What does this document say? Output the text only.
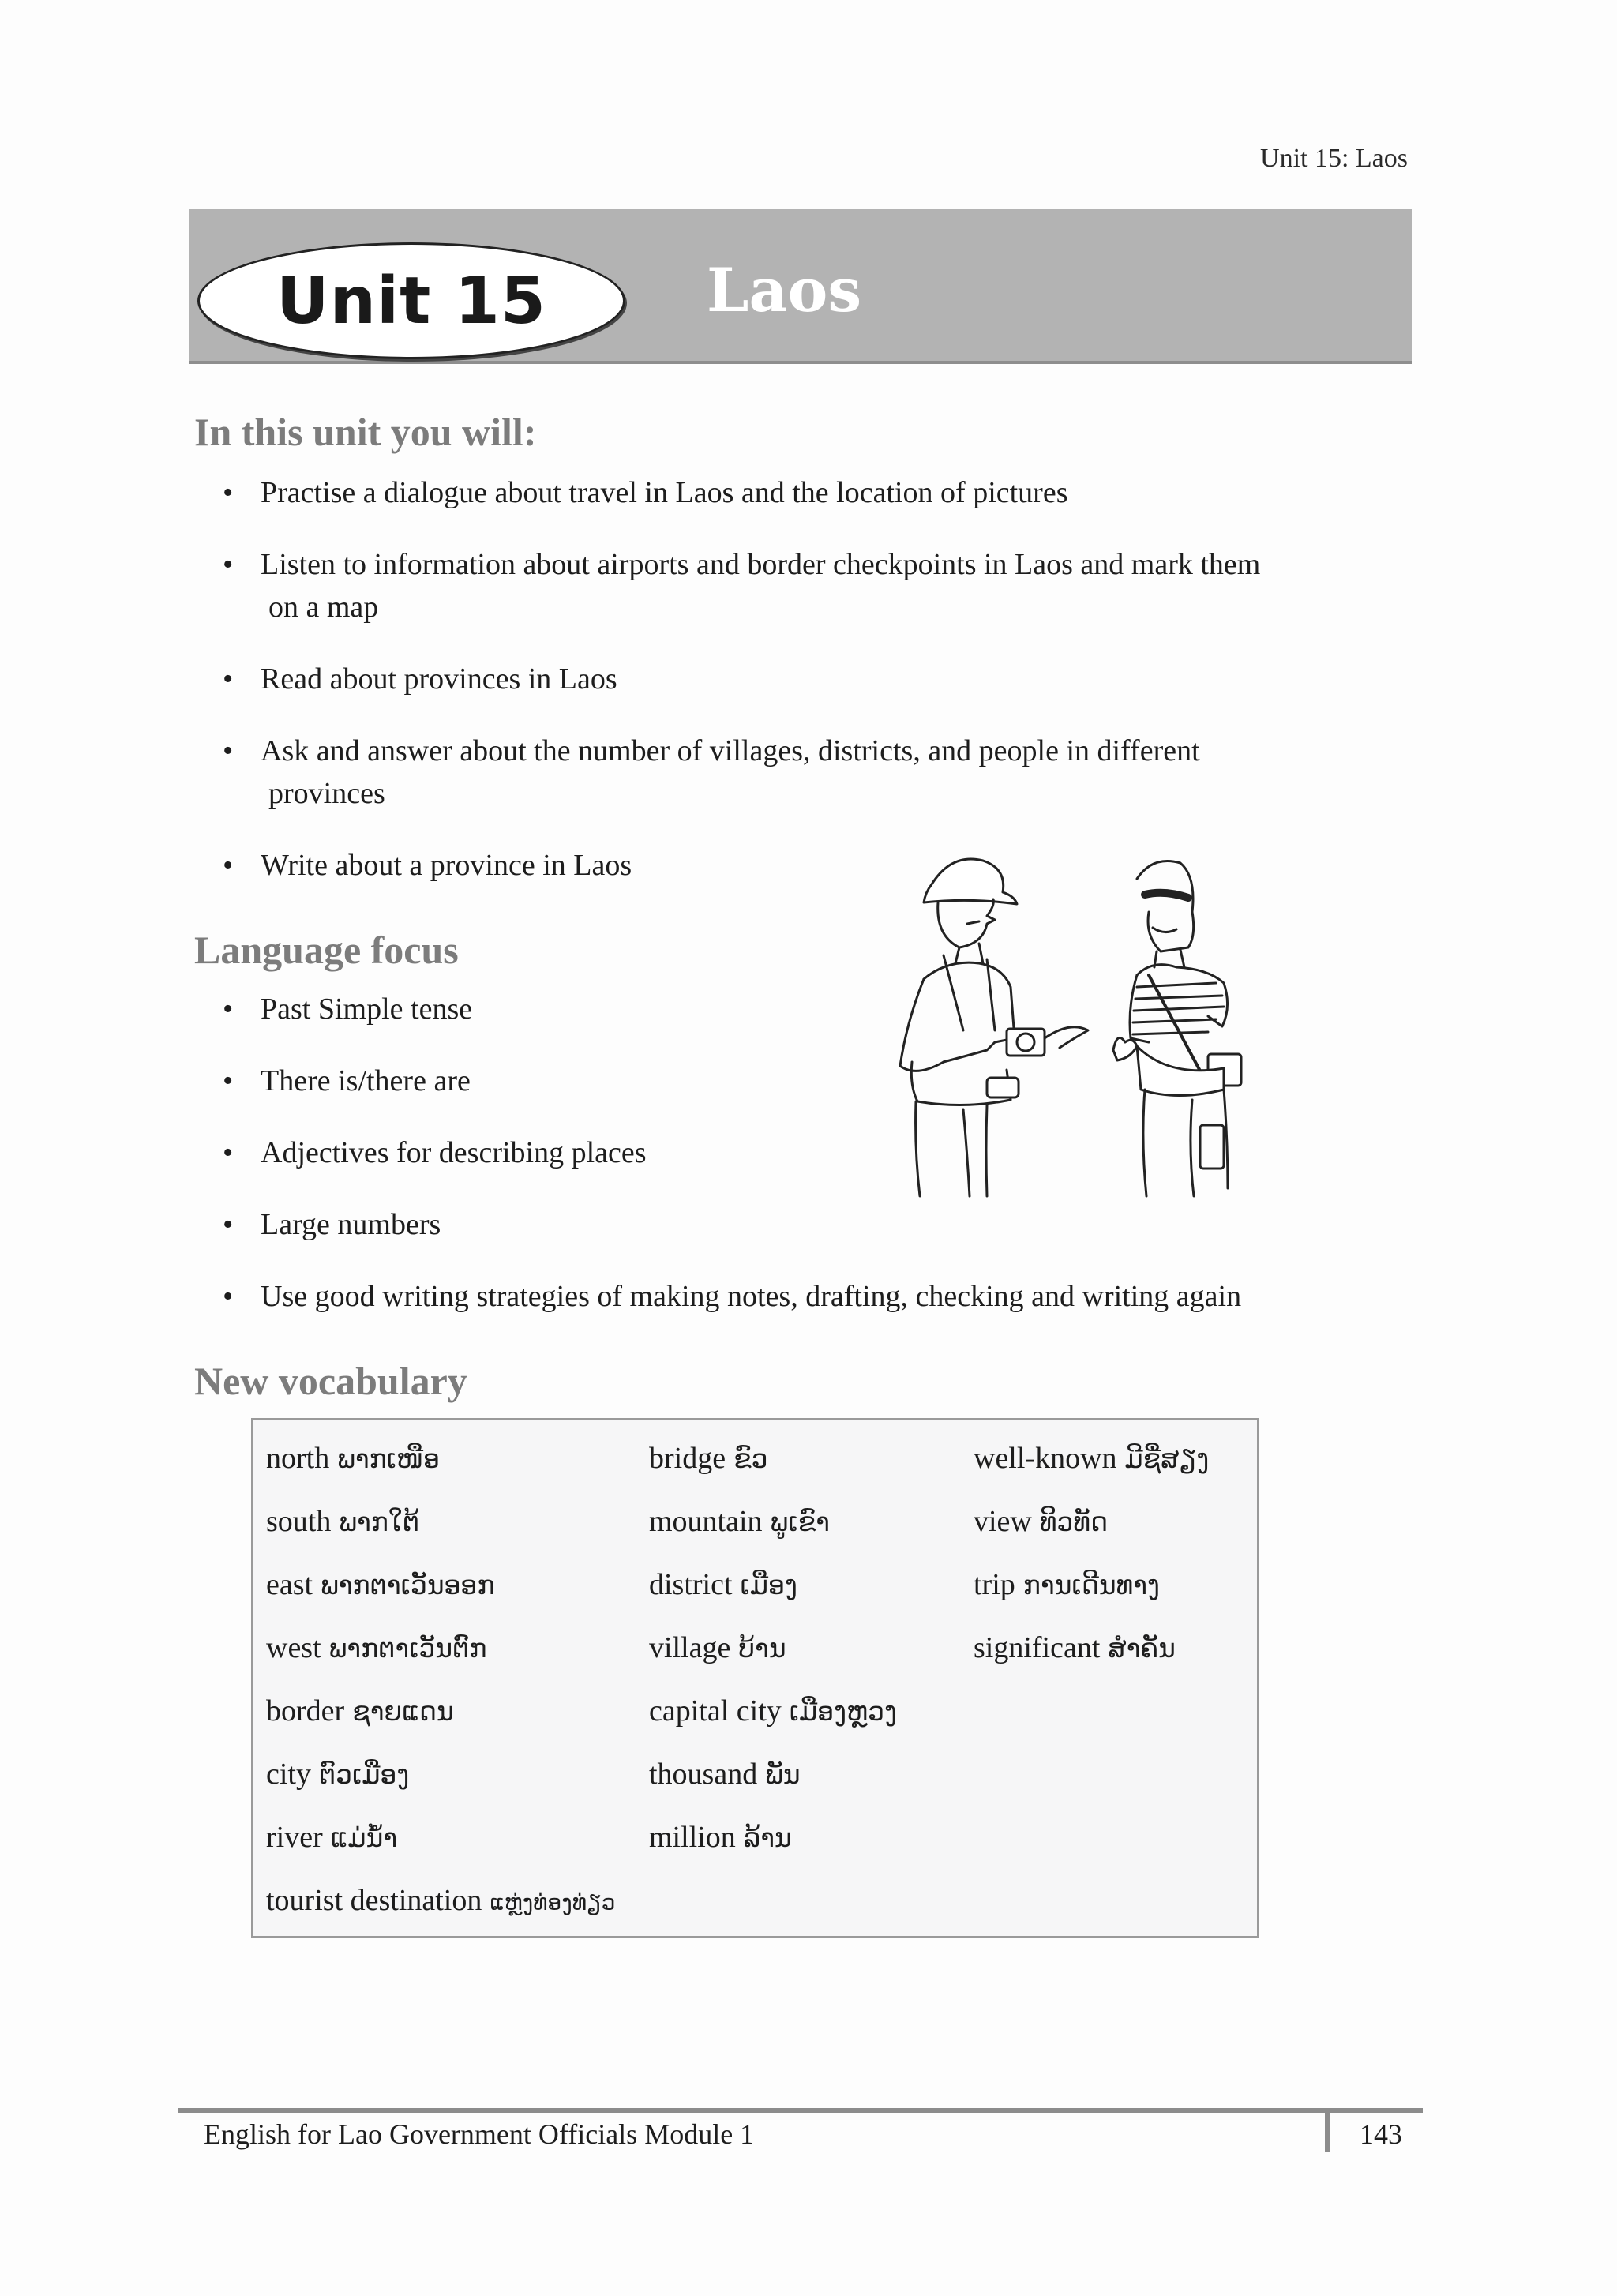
Unit 15: Laos
Unit 15	Laos
In this unit you will:
• Practise a dialogue about travel in Laos and the location of pictures
• Listen to information about airports and border checkpoints in Laos and mark them
on a map
• Read about provinces in Laos
• Ask and answer about the number of villages, districts, and people in different
provinces
• Write about a province in Laos
Language focus
• Past Simple tense
• There is/there are
• Adjectives for describing places
• Large numbers
• Use good writing strategies of making notes, drafting, checking and writing again
New vocabulary
north ພາກເໜືອ
south ພາກໃຕ້
east ພາກຕາເວັນອອກ
west ພາກຕາເວັນຕົກ
border ຊາຍແດນ
city ຕົວເມືອງ
river ແມ່ນ້ຳ
tourist destination ແຫຼ່ງທ່ອງທ່ຽວ
bridge ຂົວ
mountain ພູເຂົາ
district ເມືອງ
village ບ້ານ
capital city ເມືອງຫຼວງ
thousand ພັນ
million ລ້ານ
well-known ມີຊື່ສຽງ
view ທິວທັດ
trip ການເດີນທາງ
significant ສຳຄັນ
English for Lao Government Officials Module 1	143
